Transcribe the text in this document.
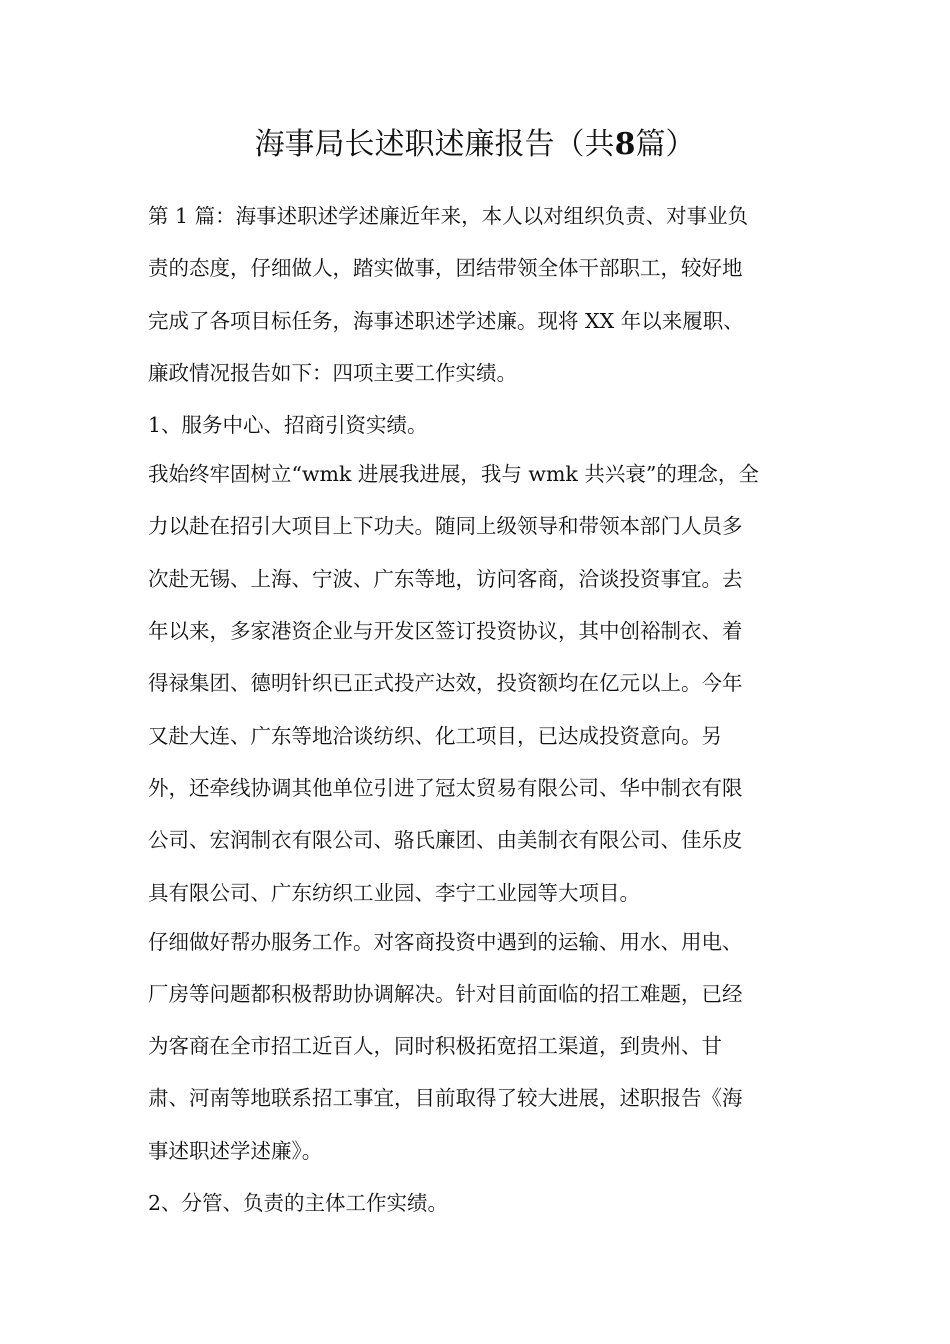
海事局长述职述廉报告（共8篇）
第 1 篇：海事述职述学述廉近年来，本人以对组织负责、对事业负
责的态度，仔细做人，踏实做事，团结带领全体干部职工，较好地
完成了各项目标任务，海事述职述学述廉。现将 XX 年以来履职、
廉政情况报告如下：四项主要工作实绩。
1、服务中心、招商引资实绩。
我始终牢固树立“wmk 进展我进展，我与 wmk 共兴衰”的理念，全
力以赴在招引大项目上下功夫。随同上级领导和带领本部门人员多
次赴无锡、上海、宁波、广东等地，访问客商，洽谈投资事宜。去
年以来，多家港资企业与开发区签订投资协议，其中创裕制衣、着
得禄集团、德明针织已正式投产达效，投资额均在亿元以上。今年
又赴大连、广东等地洽谈纺织、化工项目，已达成投资意向。另
外，还牵线协调其他单位引进了冠太贸易有限公司、华中制衣有限
公司、宏润制衣有限公司、骆氏廉团、由美制衣有限公司、佳乐皮
具有限公司、广东纺织工业园、李宁工业园等大项目。
仔细做好帮办服务工作。对客商投资中遇到的运输、用水、用电、
厂房等问题都积极帮助协调解决。针对目前面临的招工难题，已经
为客商在全市招工近百人，同时积极拓宽招工渠道，到贵州、甘
肃、河南等地联系招工事宜，目前取得了较大进展，述职报告《海
事述职述学述廉》。
2、分管、负责的主体工作实绩。
